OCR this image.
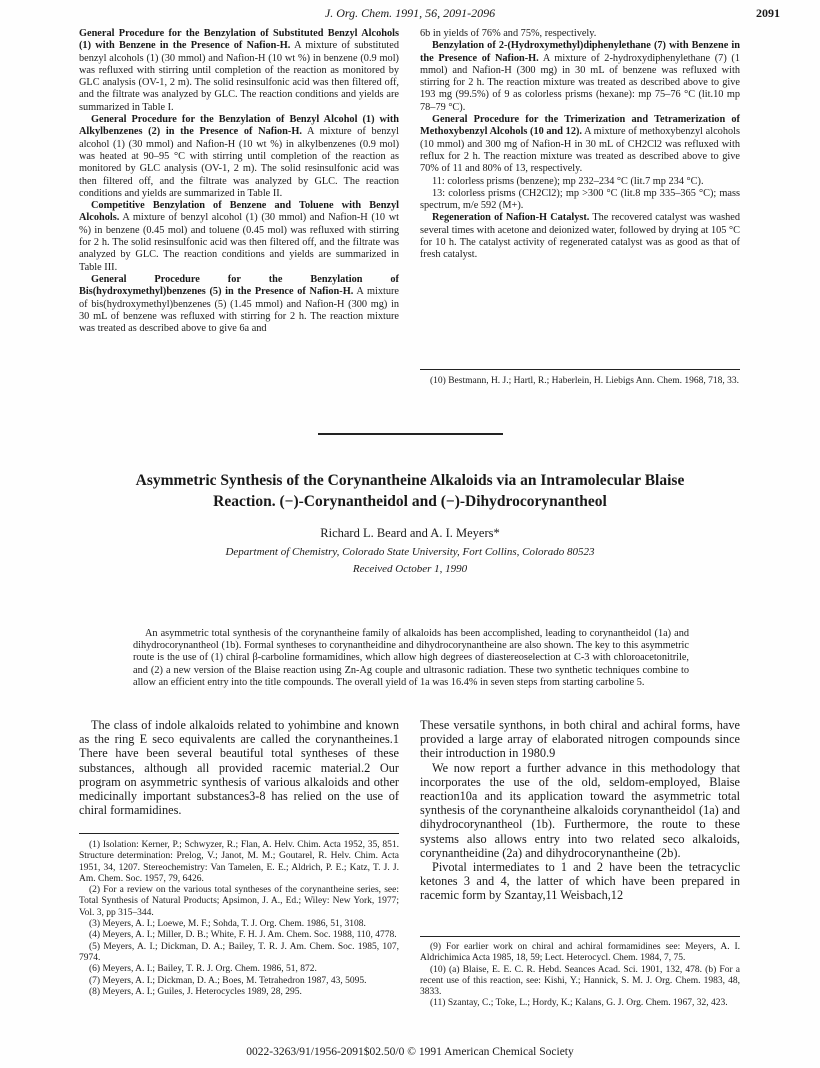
J. Org. Chem. 1991, 56, 2091-2096	2091

General Procedure for the Benzylation of Substituted Benzyl Alcohols (1) with Benzene in the Presence of Nafion-H. A mixture of substituted benzyl alcohols (1) (30 mmol) and Nafion-H (10 wt %) in benzene (0.9 mol) was refluxed with stirring until completion of the reaction as monitored by GLC analysis (OV-1, 2 m). The solid resinsulfonic acid was then filtered off, and the filtrate was analyzed by GLC. The reaction conditions and yields are summarized in Table I.

General Procedure for the Benzylation of Benzyl Alcohol (1) with Alkylbenzenes (2) in the Presence of Nafion-H. A mixture of benzyl alcohol (1) (30 mmol) and Nafion-H (10 wt %) in alkylbenzenes (0.9 mol) was heated at 90–95 °C with stirring until completion of the reaction as monitored by GLC analysis (OV-1, 2 m). The solid resinsulfonic acid was then filtered off, and the filtrate was analyzed by GLC. The reaction conditions and yields are summarized in Table II.

Competitive Benzylation of Benzene and Toluene with Benzyl Alcohols. A mixture of benzyl alcohol (1) (30 mmol) and Nafion-H (10 wt %) in benzene (0.45 mol) and toluene (0.45 mol) was refluxed with stirring for 2 h. The solid resinsulfonic acid was then filtered off, and the filtrate was analyzed by GLC. The reaction conditions and yields are summarized in Table III.

General Procedure for the Benzylation of Bis(hydroxymethyl)benzenes (5) in the Presence of Nafion-H. A mixture of bis(hydroxymethyl)benzenes (5) (1.45 mmol) and Nafion-H (300 mg) in 30 mL of benzene was refluxed with stirring for 2 h. The reaction mixture was treated as described above to give 6a and

6b in yields of 76% and 75%, respectively.

Benzylation of 2-(Hydroxymethyl)diphenylethane (7) with Benzene in the Presence of Nafion-H. A mixture of 2-hydroxydiphenylethane (7) (1 mmol) and Nafion-H (300 mg) in 30 mL of benzene was refluxed with stirring for 2 h. The reaction mixture was treated as described above to give 193 mg (99.5%) of 9 as colorless prisms (hexane): mp 75–76 °C (lit.10 mp 78–79 °C).

General Procedure for the Trimerization and Tetramerization of Methoxybenzyl Alcohols (10 and 12). A mixture of methoxybenzyl alcohols (10 mmol) and 300 mg of Nafion-H in 30 mL of CH2Cl2 was refluxed with reflux for 2 h. The reaction mixture was treated as described above to give 70% of 11 and 80% of 13, respectively.

11: colorless prisms (benzene); mp 232–234 °C (lit.7 mp 234 °C).

13: colorless prisms (CH2Cl2); mp >300 °C (lit.8 mp 335–365 °C); mass spectrum, m/e 592 (M+).

Regeneration of Nafion-H Catalyst. The recovered catalyst was washed several times with acetone and deionized water, followed by drying at 105 °C for 10 h. The catalyst activity of regenerated catalyst was as good as that of fresh catalyst.

(10) Bestmann, H. J.; Hartl, R.; Haberlein, H. Liebigs Ann. Chem. 1968, 718, 33.

Asymmetric Synthesis of the Corynantheine Alkaloids via an Intramolecular Blaise Reaction. (−)-Corynantheidol and (−)-Dihydrocorynantheol
Richard L. Beard and A. I. Meyers*
Department of Chemistry, Colorado State University, Fort Collins, Colorado 80523
Received October 1, 1990

An asymmetric total synthesis of the corynantheine family of alkaloids has been accomplished, leading to corynantheidol (1a) and dihydrocorynantheol (1b). Formal syntheses to corynantheidine and dihydrocorynantheine are also shown. The key to this asymmetric route is the use of (1) chiral β-carboline formamidines, which allow high degrees of diastereoselection at C-3 with chloroacetonitrile, and (2) a new version of the Blaise reaction using Zn-Ag couple and ultrasonic radiation. These two synthetic techniques combine to allow an efficient entry into the title compounds. The overall yield of 1a was 16.4% in seven steps from starting carboline 5.

The class of indole alkaloids related to yohimbine and known as the ring E seco equivalents are called the corynantheines.1 There have been several beautiful total syntheses of these substances, although all provided racemic material.2 Our program on asymmetric synthesis of various alkaloids and other medicinally important substances3-8 has relied on the use of chiral formamidines.

These versatile synthons, in both chiral and achiral forms, have provided a large array of elaborated nitrogen compounds since their introduction in 1980.9

We now report a further advance in this methodology that incorporates the use of the old, seldom-employed, Blaise reaction10a and its application toward the asymmetric total synthesis of the corynantheine alkaloids corynantheidol (1a) and dihydrocorynantheol (1b). Furthermore, the route to these systems also allows entry into two related seco alkaloids, corynantheidine (2a) and dihydrocorynantheine (2b).

Pivotal intermediates to 1 and 2 have been the tetracyclic ketones 3 and 4, the latter of which have been prepared in racemic form by Szantay,11 Weisbach,12

(1) Isolation: Kerner, P.; Schwyzer, R.; Flan, A. Helv. Chim. Acta 1952, 35, 851. Structure determination: Prelog, V.; Janot, M. M.; Goutarel, R. Helv. Chim. Acta 1951, 34, 1207. Stereochemistry: Van Tamelen, E. E.; Aldrich, P. E.; Katz, T. J. J. Am. Chem. Soc. 1957, 79, 6426.

(2) For a review on the various total syntheses of the corynantheine series, see: Total Synthesis of Natural Products; Apsimon, J. A., Ed.; Wiley: New York, 1977; Vol. 3, pp 315–344.

(3) Meyers, A. I.; Loewe, M. F.; Sohda, T. J. Org. Chem. 1986, 51, 3108.

(4) Meyers, A. I.; Miller, D. B.; White, F. H. J. Am. Chem. Soc. 1988, 110, 4778.

(5) Meyers, A. I.; Dickman, D. A.; Bailey, T. R. J. Am. Chem. Soc. 1985, 107, 7974.

(6) Meyers, A. I.; Bailey, T. R. J. Org. Chem. 1986, 51, 872.

(7) Meyers, A. I.; Dickman, D. A.; Boes, M. Tetrahedron 1987, 43, 5095.

(8) Meyers, A. I.; Guiles, J. Heterocycles 1989, 28, 295.

(9) For earlier work on chiral and achiral formamidines see: Meyers, A. I. Aldrichimica Acta 1985, 18, 59; Lect. Heterocycl. Chem. 1984, 7, 75.

(10) (a) Blaise, E. E. C. R. Hebd. Seances Acad. Sci. 1901, 132, 478. (b) For a recent use of this reaction, see: Kishi, Y.; Hannick, S. M. J. Org. Chem. 1983, 48, 3833.

(11) Szantay, C.; Toke, L.; Hordy, K.; Kalans, G. J. Org. Chem. 1967, 32, 423.

0022-3263/91/1956-2091$02.50/0 © 1991 American Chemical Society
